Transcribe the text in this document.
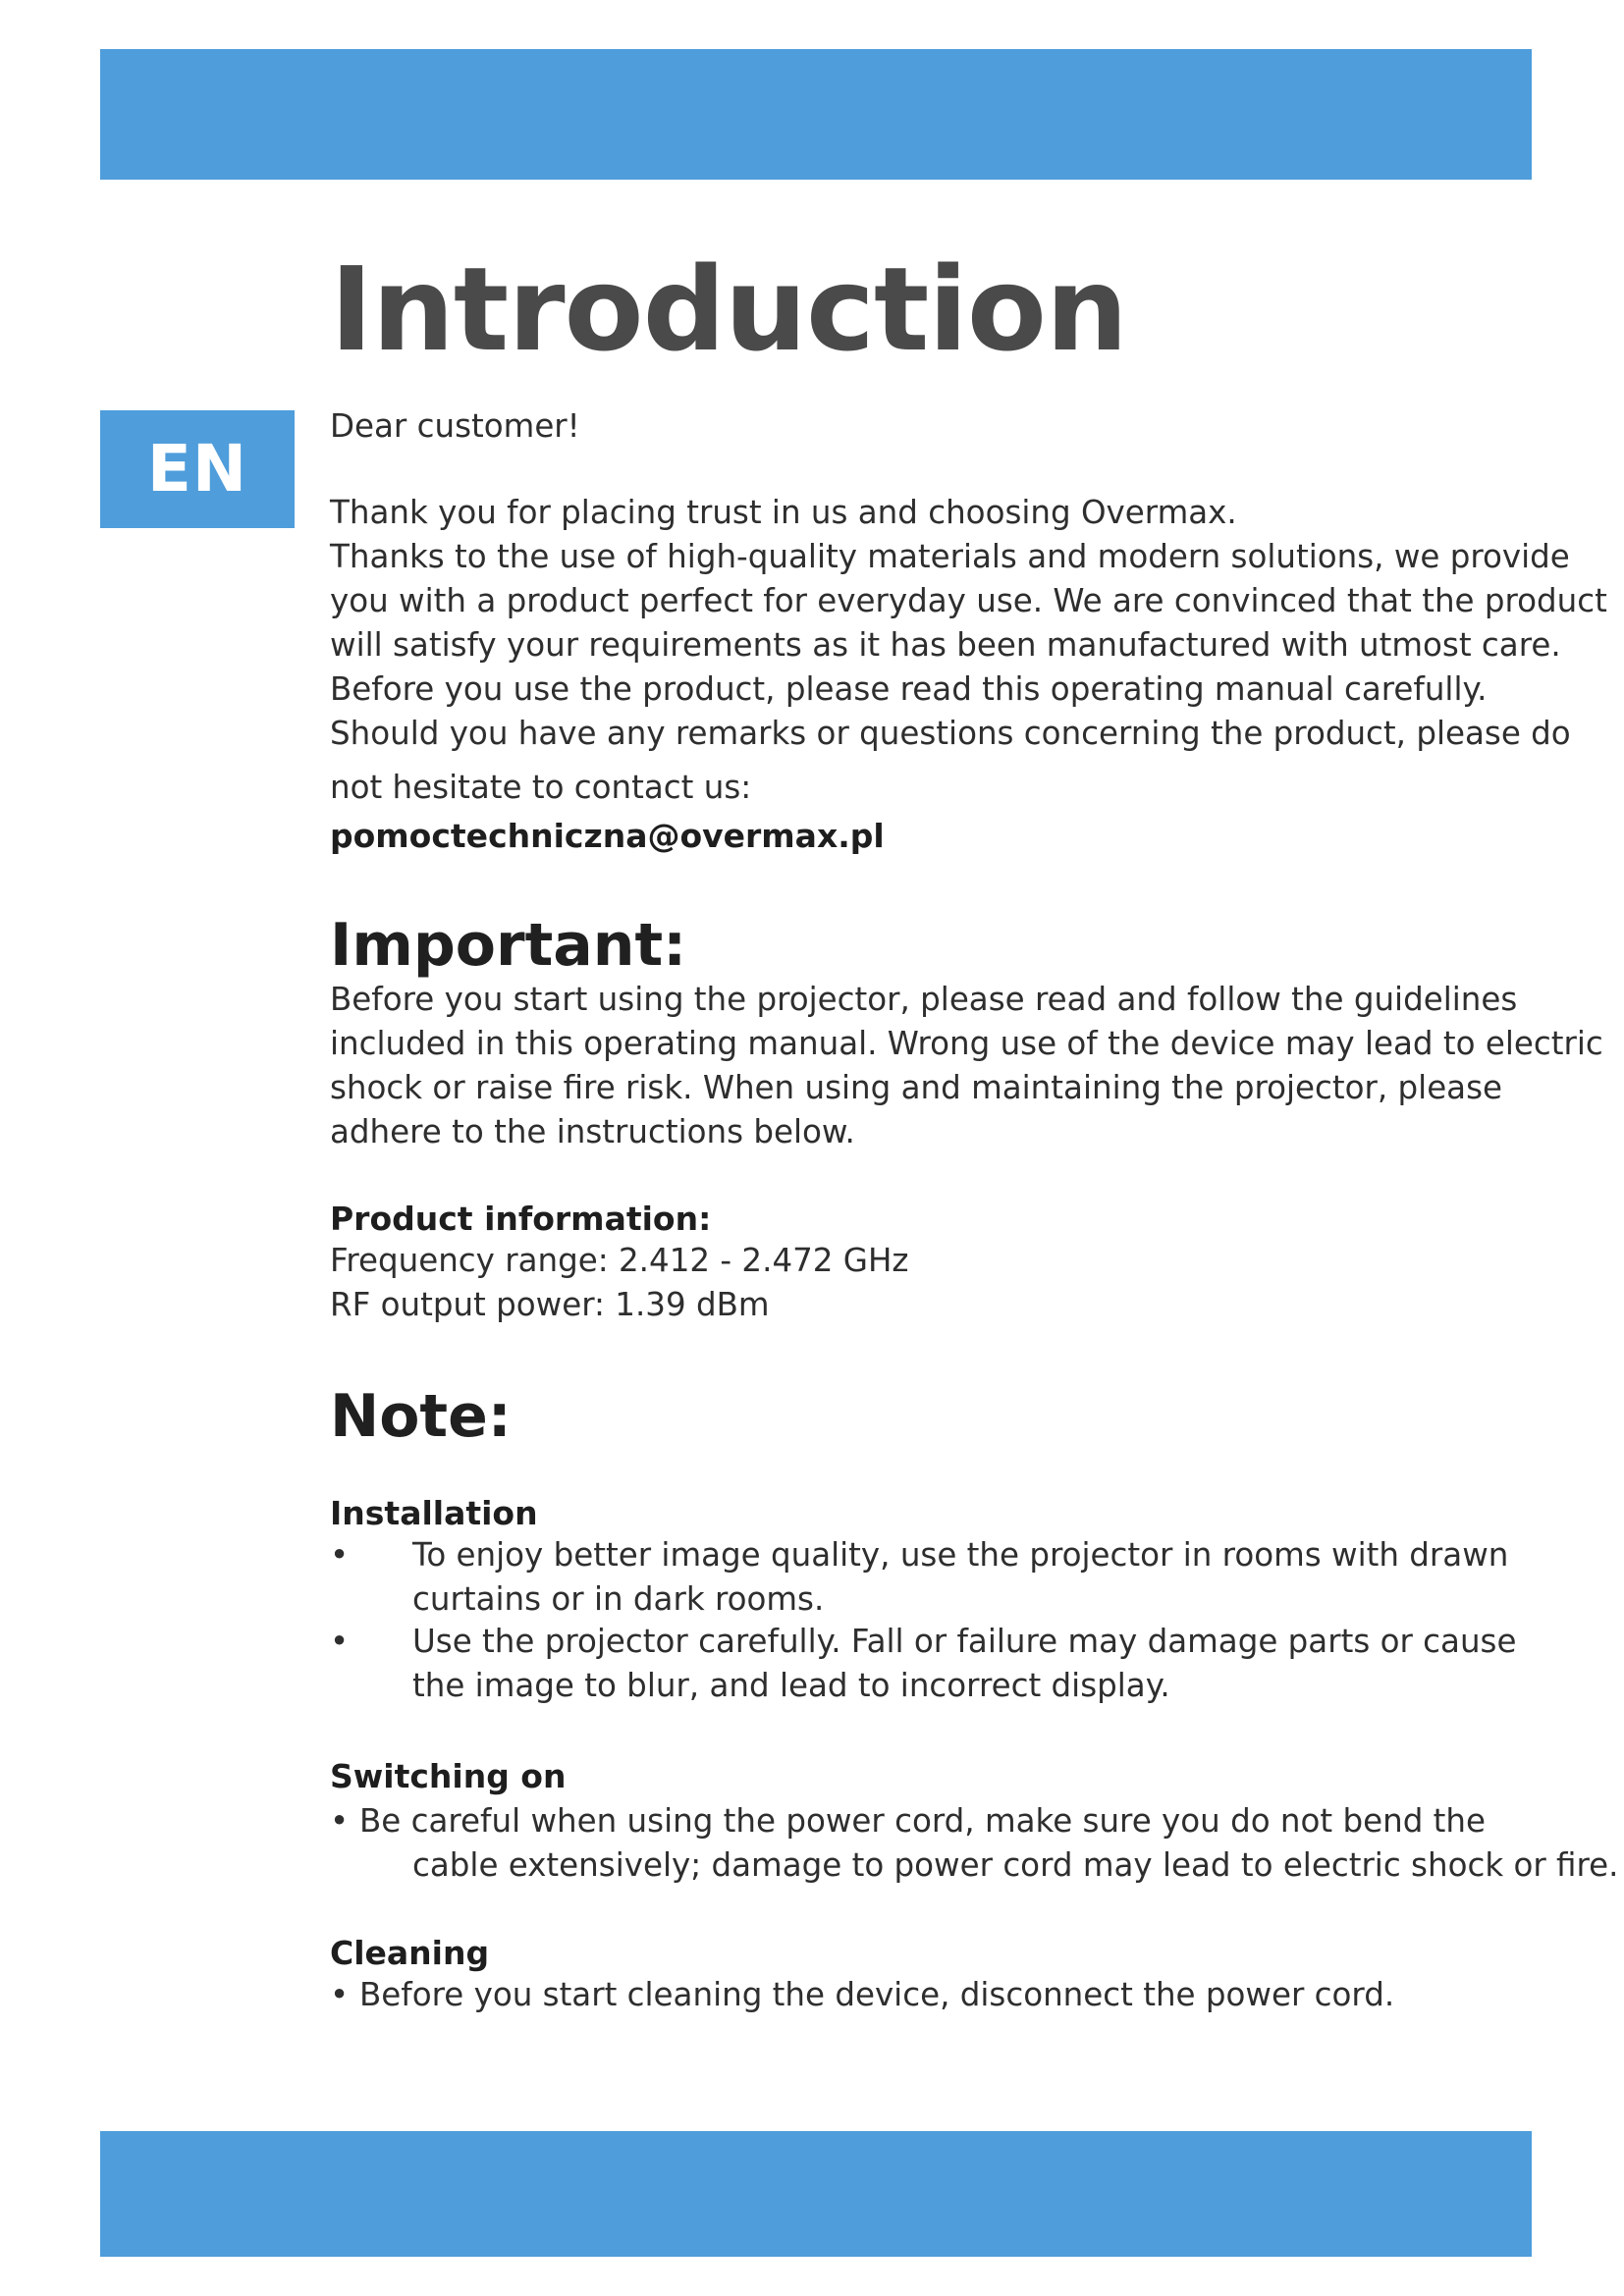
EN
Introduction

Dear customer!

Thank you for placing trust in us and choosing Overmax.
Thanks to the use of high-quality materials and modern solutions, we provide
you with a product perfect for everyday use. We are convinced that the product
will satisfy your requirements as it has been manufactured with utmost care.
Before you use the product, please read this operating manual carefully.
Should you have any remarks or questions concerning the product, please do
not hesitate to contact us:

pomoctechniczna@overmax.pl
Important:

Before you start using the projector, please read and follow the guidelines
included in this operating manual. Wrong use of the device may lead to electric
shock or raise fire risk. When using and maintaining the projector, please
adhere to the instructions below.

Product information:

Frequency range: 2.412 - 2.472 GHz
RF output power: 1.39 dBm

Note:
Installation
• To enjoy better image quality, use the projector in rooms with drawn
curtains or in dark rooms.
• Use the projector carefully. Fall or failure may damage parts or cause
the image to blur, and lead to incorrect display.
Switching on
• Be careful when using the power cord, make sure you do not bend the
cable extensively; damage to power cord may lead to electric shock or fire.
Cleaning
• Before you start cleaning the device, disconnect the power cord.
